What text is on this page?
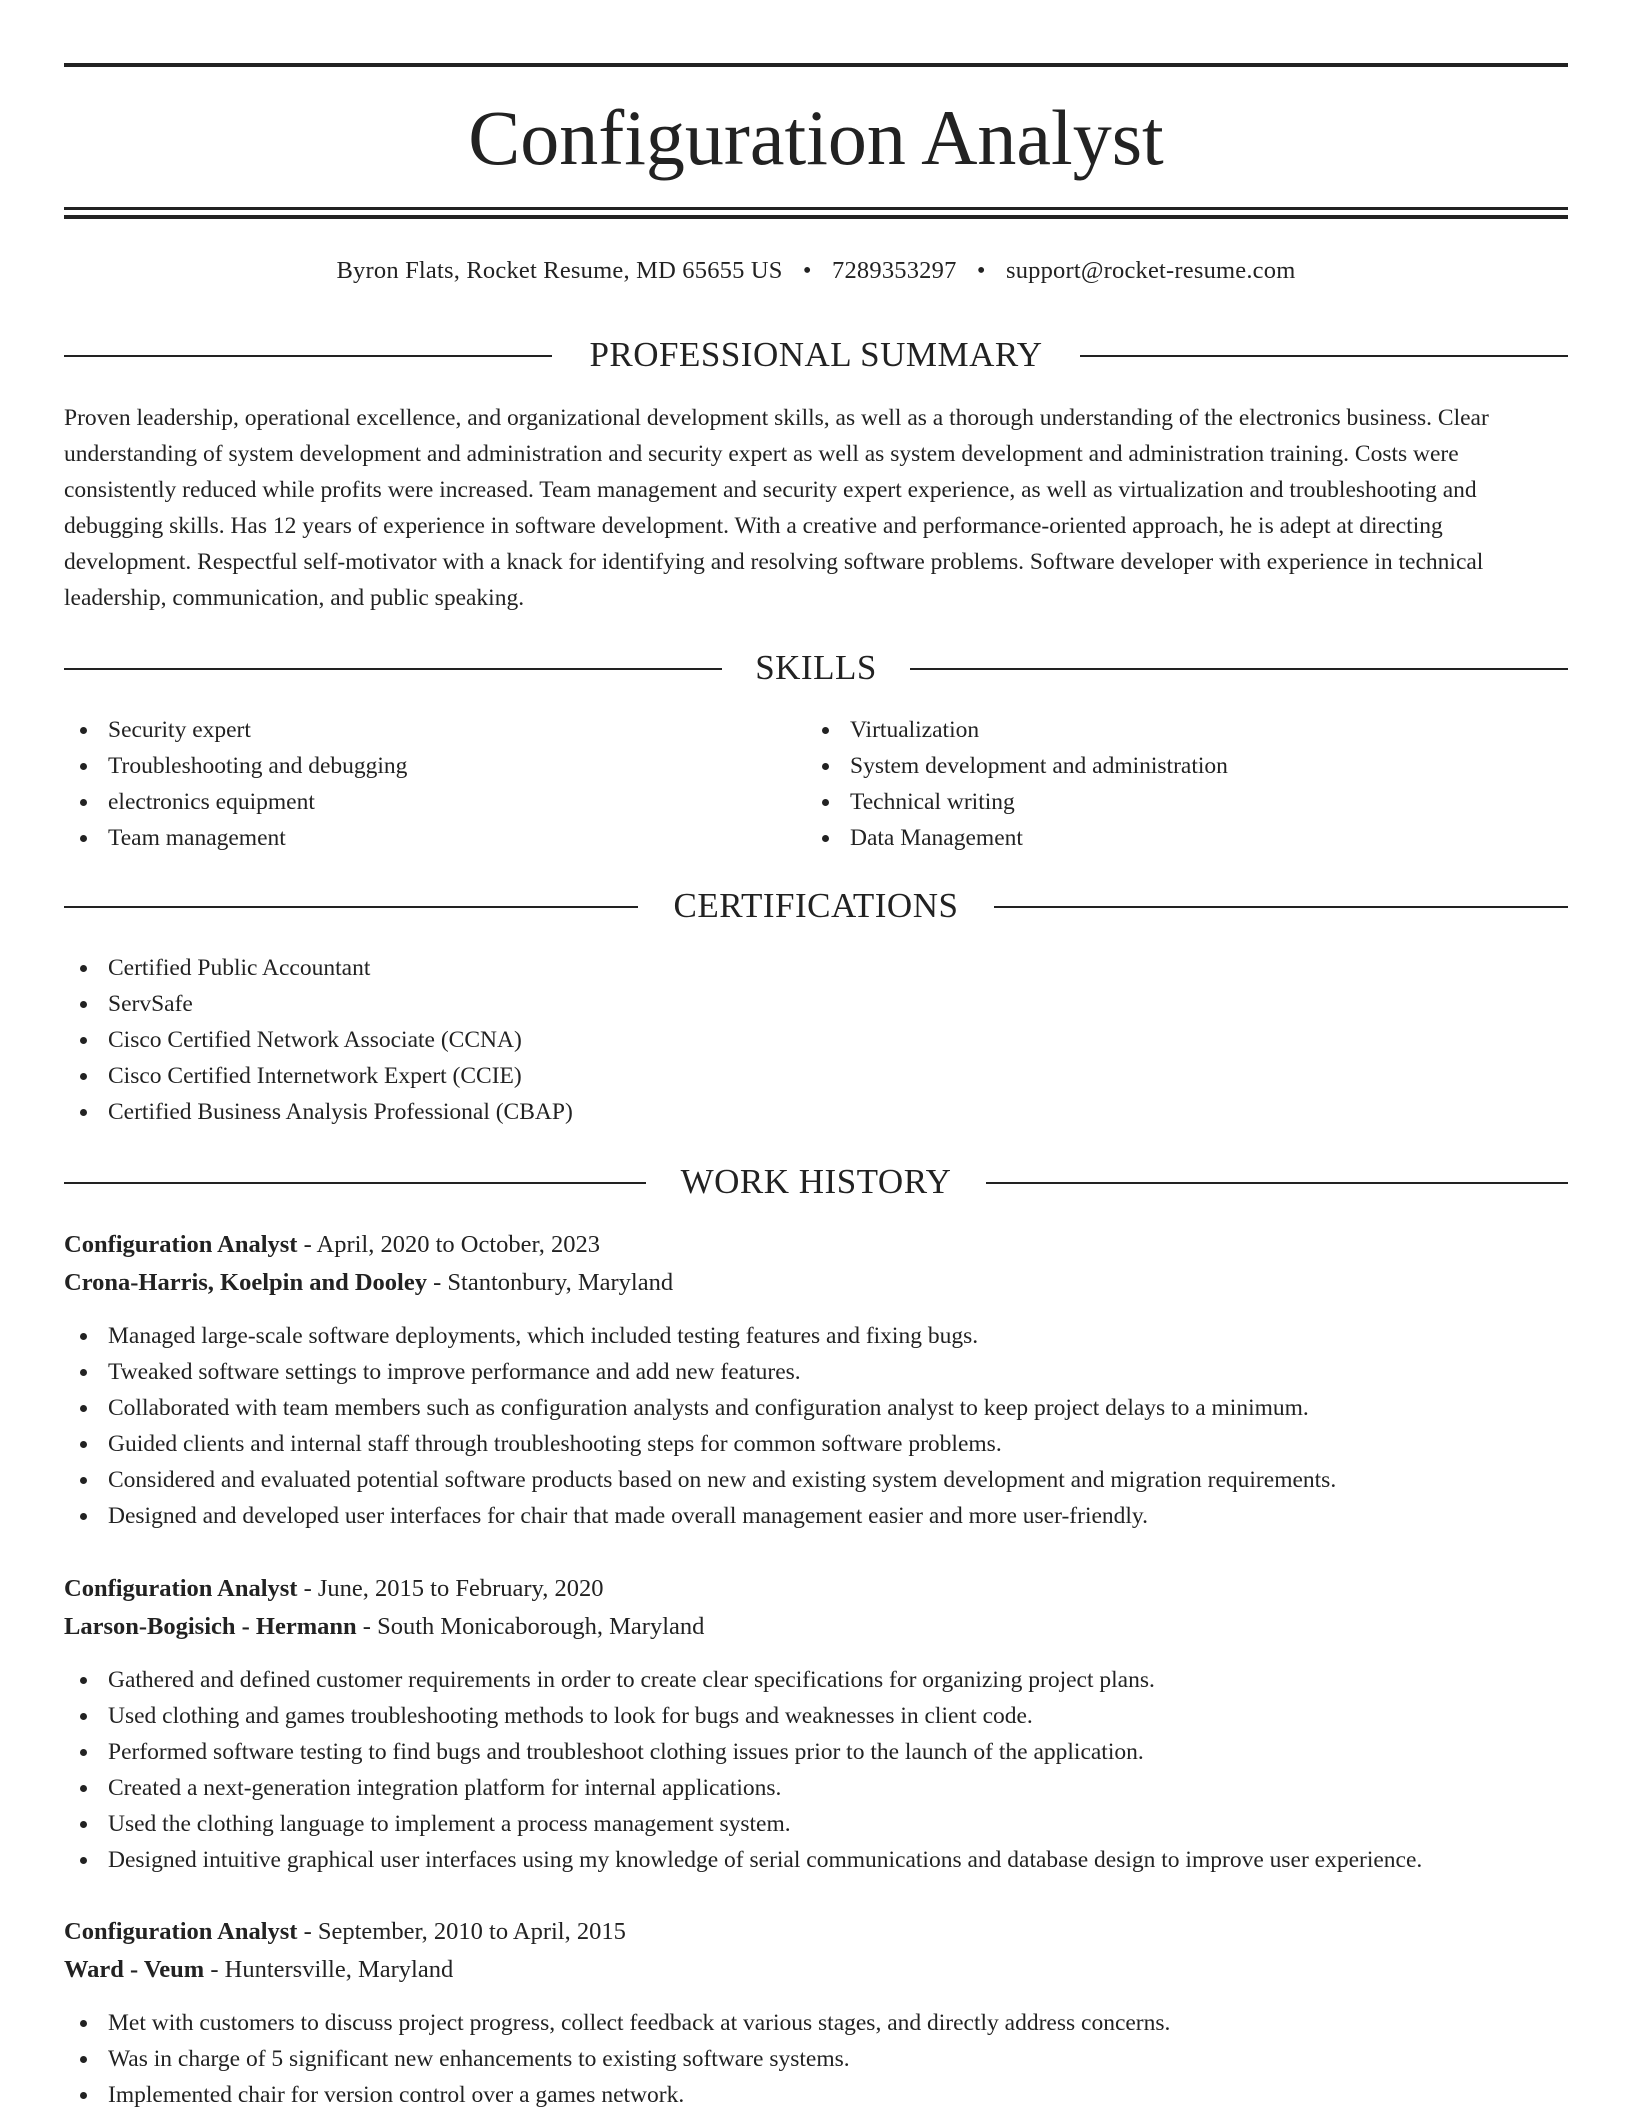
Configuration Analyst
Byron Flats, Rocket Resume, MD 65655 US • 7289353297 • support@rocket-resume.com
PROFESSIONAL SUMMARY
Proven leadership, operational excellence, and organizational development skills, as well as a thorough understanding of the electronics business. Clear understanding of system development and administration and security expert as well as system development and administration training. Costs were consistently reduced while profits were increased. Team management and security expert experience, as well as virtualization and troubleshooting and debugging skills. Has 12 years of experience in software development. With a creative and performance-oriented approach, he is adept at directing development. Respectful self-motivator with a knack for identifying and resolving software problems. Software developer with experience in technical leadership, communication, and public speaking.
SKILLS
Security expert
Troubleshooting and debugging
electronics equipment
Team management
Virtualization
System development and administration
Technical writing
Data Management
CERTIFICATIONS
Certified Public Accountant
ServSafe
Cisco Certified Network Associate (CCNA)
Cisco Certified Internetwork Expert (CCIE)
Certified Business Analysis Professional (CBAP)
WORK HISTORY
Configuration Analyst - April, 2020 to October, 2023
Crona-Harris, Koelpin and Dooley - Stantonbury, Maryland
Managed large-scale software deployments, which included testing features and fixing bugs.
Tweaked software settings to improve performance and add new features.
Collaborated with team members such as configuration analysts and configuration analyst to keep project delays to a minimum.
Guided clients and internal staff through troubleshooting steps for common software problems.
Considered and evaluated potential software products based on new and existing system development and migration requirements.
Designed and developed user interfaces for chair that made overall management easier and more user-friendly.
Configuration Analyst - June, 2015 to February, 2020
Larson-Bogisich - Hermann - South Monicaborough, Maryland
Gathered and defined customer requirements in order to create clear specifications for organizing project plans.
Used clothing and games troubleshooting methods to look for bugs and weaknesses in client code.
Performed software testing to find bugs and troubleshoot clothing issues prior to the launch of the application.
Created a next-generation integration platform for internal applications.
Used the clothing language to implement a process management system.
Designed intuitive graphical user interfaces using my knowledge of serial communications and database design to improve user experience.
Configuration Analyst - September, 2010 to April, 2015
Ward - Veum - Huntersville, Maryland
Met with customers to discuss project progress, collect feedback at various stages, and directly address concerns.
Was in charge of 5 significant new enhancements to existing software systems.
Implemented chair for version control over a games network.
